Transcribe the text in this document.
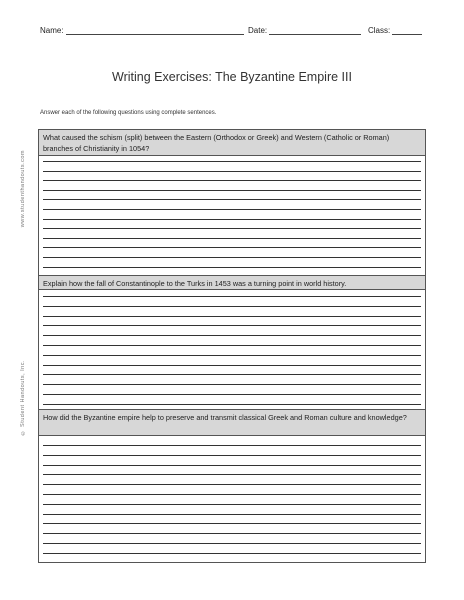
Name:	Date:	Class:
Writing Exercises: The Byzantine Empire III
Answer each of the following questions using complete sentences.
www.studenthandouts.com
© Student Handouts, Inc.
What caused the schism (split) between the Eastern (Orthodox or Greek) and Western (Catholic or Roman) branches of Christianity in 1054?
Explain how the fall of Constantinople to the Turks in 1453 was a turning point in world history.
How did the Byzantine empire help to preserve and transmit classical Greek and Roman culture and knowledge?
